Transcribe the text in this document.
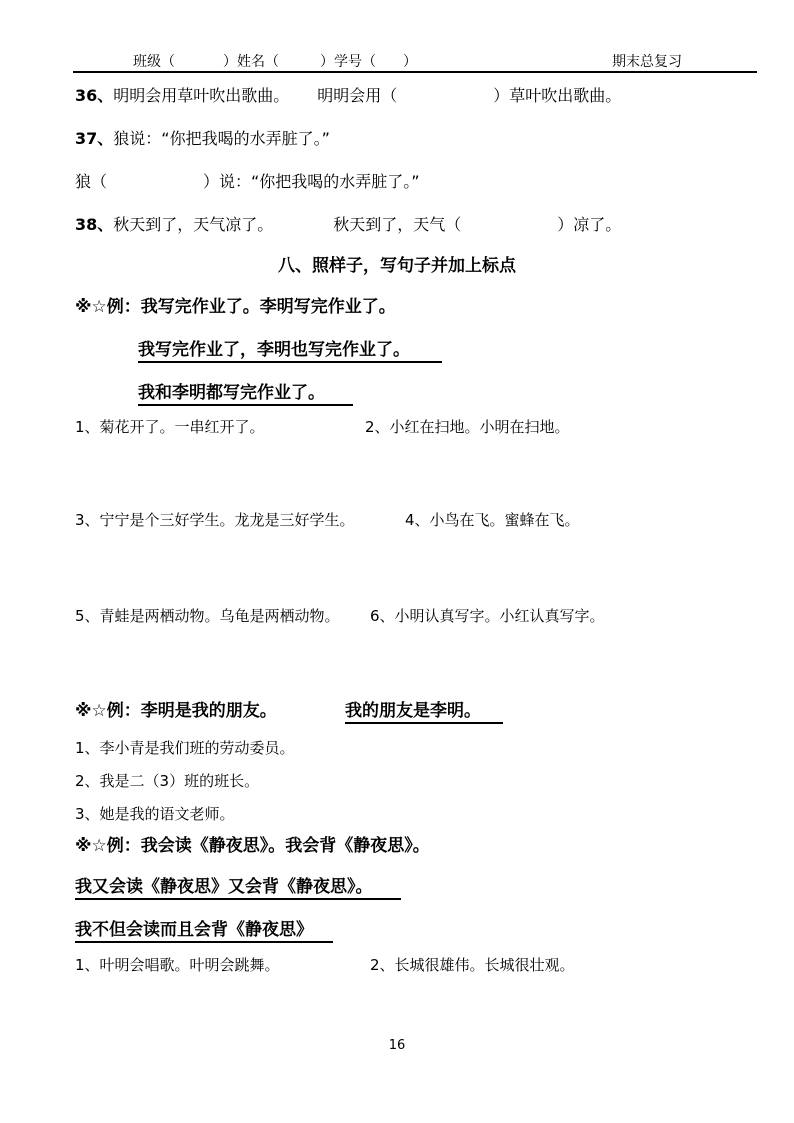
班级（	）姓名（	）学号（ ）	期末总复习
36、明明会用草叶吹出歌曲。 明明会用（　　　　　　）草叶吹出歌曲。
37、狼说：“你把我喝的水弄脏了。”
狼（　　　　　　）说：“你把我喝的水弄脏了。”
38、秋天到了，天气凉了。	秋天到了，天气（　　　　　　）凉了。
八、照样子，写句子并加上标点
※☆例：我写完作业了。李明写完作业了。
我写完作业了，李明也写完作业了。
我和李明都写完作业了。
1、菊花开了。一串红开了。	2、小红在扫地。小明在扫地。
3、宁宁是个三好学生。龙龙是三好学生。	4、小鸟在飞。蜜蜂在飞。
5、青蛙是两栖动物。乌龟是两栖动物。	6、小明认真写字。小红认真写字。
※☆例：李明是我的朋友。	我的朋友是李明。
1、李小青是我们班的劳动委员。
2、我是二（3）班的班长。
3、她是我的语文老师。
※☆例：我会读《静夜思》。我会背《静夜思》。
我又会读《静夜思》又会背《静夜思》。
我不但会读而且会背《静夜思》
1、叶明会唱歌。叶明会跳舞。	2、长城很雄伟。长城很壮观。
16
